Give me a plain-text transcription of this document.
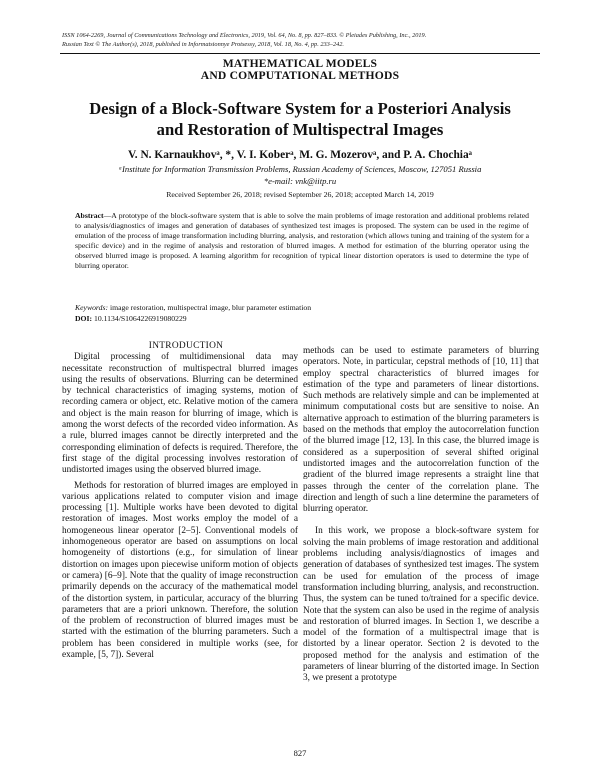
ISSN 1064-2269, Journal of Communications Technology and Electronics, 2019, Vol. 64, No. 8, pp. 827–833. © Pleiades Publishing, Inc., 2019.
Russian Text © The Author(s), 2018, published in Informatsionnye Protsessy, 2018, Vol. 18, No. 4, pp. 233–242.
MATHEMATICAL MODELS
AND COMPUTATIONAL METHODS
Design of a Block-Software System for a Posteriori Analysis
and Restoration of Multispectral Images
V. N. Karnaukhovᵃ, *, V. I. Koberᵃ, M. G. Mozerovᵃ, and P. A. Chochiaᵃ
ᵃInstitute for Information Transmission Problems, Russian Academy of Sciences, Moscow, 127051 Russia
*e-mail: vnk@iitp.ru
Received September 26, 2018; revised September 26, 2018; accepted March 14, 2019
Abstract—A prototype of the block-software system that is able to solve the main problems of image restoration and additional problems related to analysis/diagnostics of images and generation of databases of synthesized test images is proposed. The system can be used in the regime of emulation of the process of image transformation including blurring, analysis, and restoration (which allows tuning and training of the system for a specific device) and in the regime of analysis and restoration of blurred images. A method for estimation of the blurring operator using the observed blurred image is proposed. A learning algorithm for recognition of typical linear distortion operators is used to determine the type of blurring operator.
Keywords: image restoration, multispectral image, blur parameter estimation
DOI: 10.1134/S1064226919080229

INTRODUCTION

Digital processing of multidimensional data may necessitate reconstruction of multispectral blurred images using the results of observations. Blurring can be determined by technical characteristics of imaging systems, motion of recording camera or object, etc. Relative motion of the camera and object is the main reason for blurring of image, which is among the worst defects of the recorded video information. As a rule, blurred images cannot be directly interpreted and the corresponding elimination of defects is required. Therefore, the first stage of the digital processing involves restoration of undistorted images using the observed blurred image.

Methods for restoration of blurred images are employed in various applications related to computer vision and image processing [1]. Multiple works have been devoted to digital restoration of images. Most works employ the model of a homogeneous linear operator [2–5]. Conventional models of inhomogeneous operator are based on assumptions on local homogeneity of distortions (e.g., for simulation of linear distortion on images upon piecewise uniform motion of objects or camera) [6–9]. Note that the quality of image reconstruction primarily depends on the accuracy of the mathematical model of the distortion system, in particular, accuracy of the blurring parameters that are a priori unknown. Therefore, the solution of the problem of reconstruction of blurred images must be started with the estimation of the blurring parameters. Such a problem has been considered in multiple works (see, for example, [5, 7]). Several

methods can be used to estimate parameters of blurring operators. Note, in particular, cepstral methods of [10, 11] that employ spectral characteristics of blurred images for estimation of the type and parameters of linear distortions. Such methods are relatively simple and can be implemented at minimum computational costs but are sensitive to noise. An alternative approach to estimation of the blurring parameters is based on the methods that employ the autocorrelation function of the blurred image [12, 13]. In this case, the blurred image is considered as a superposition of several shifted original undistorted images and the autocorrelation function of the gradient of the blurred image represents a straight line that passes through the center of the correlation plane. The direction and length of such a line determine the parameters of blurring operator.

In this work, we propose a block-software system for solving the main problems of image restoration and additional problems including analysis/diagnostics of images and generation of databases of synthesized test images. The system can be used for emulation of the process of image transformation including blurring, analysis, and reconstruction. Thus, the system can be tuned to/trained for a specific device. Note that the system can also be used in the regime of analysis and restoration of blurred images. In Section 1, we describe a model of the formation of a multispectral image that is distorted by a linear operator. Section 2 is devoted to the proposed method for the analysis and estimation of the parameters of linear blurring of the distorted image. In Section 3, we present a prototype

827
